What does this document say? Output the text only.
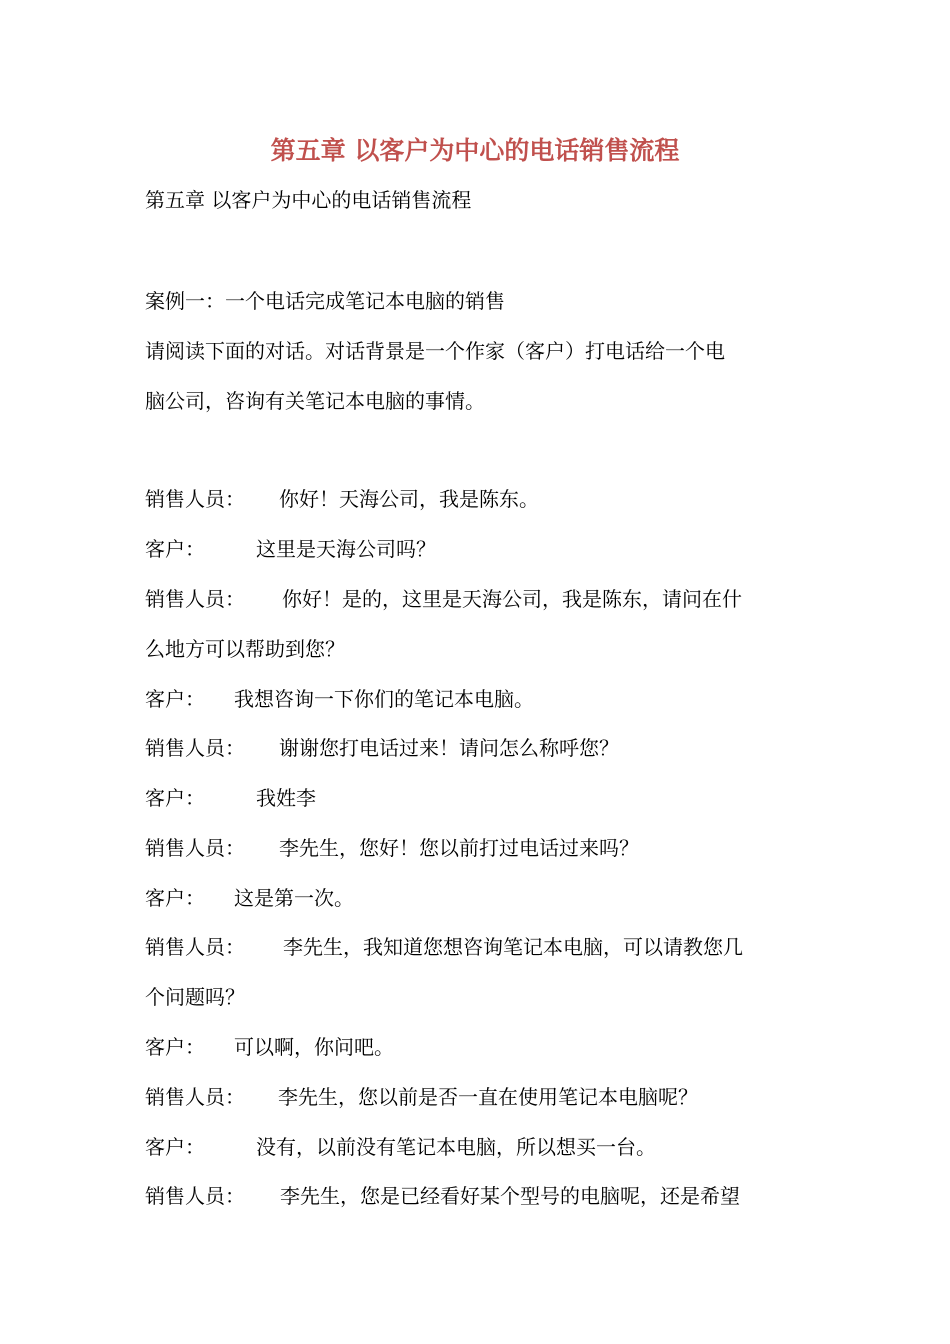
第五章 以客户为中心的电话销售流程
第五章 以客户为中心的电话销售流程
案例一：一个电话完成笔记本电脑的销售
请阅读下面的对话。对话背景是一个作家（客户）打电话给一个电
脑公司，咨询有关笔记本电脑的事情。
销售人员： 你好！天海公司，我是陈东。
客户：	这里是天海公司吗？
销售人员： 你好！是的，这里是天海公司，我是陈东，请问在什
么地方可以帮助到您？
客户： 我想咨询一下你们的笔记本电脑。
销售人员： 谢谢您打电话过来！请问怎么称呼您？
客户：	我姓李
销售人员： 李先生，您好！您以前打过电话过来吗？
客户： 这是第一次。
销售人员： 李先生，我知道您想咨询笔记本电脑，可以请教您几
个问题吗？
客户： 可以啊，你问吧。
销售人员： 李先生，您以前是否一直在使用笔记本电脑呢？
客户：	没有，以前没有笔记本电脑，所以想买一台。
销售人员： 李先生，您是已经看好某个型号的电脑呢，还是希望
